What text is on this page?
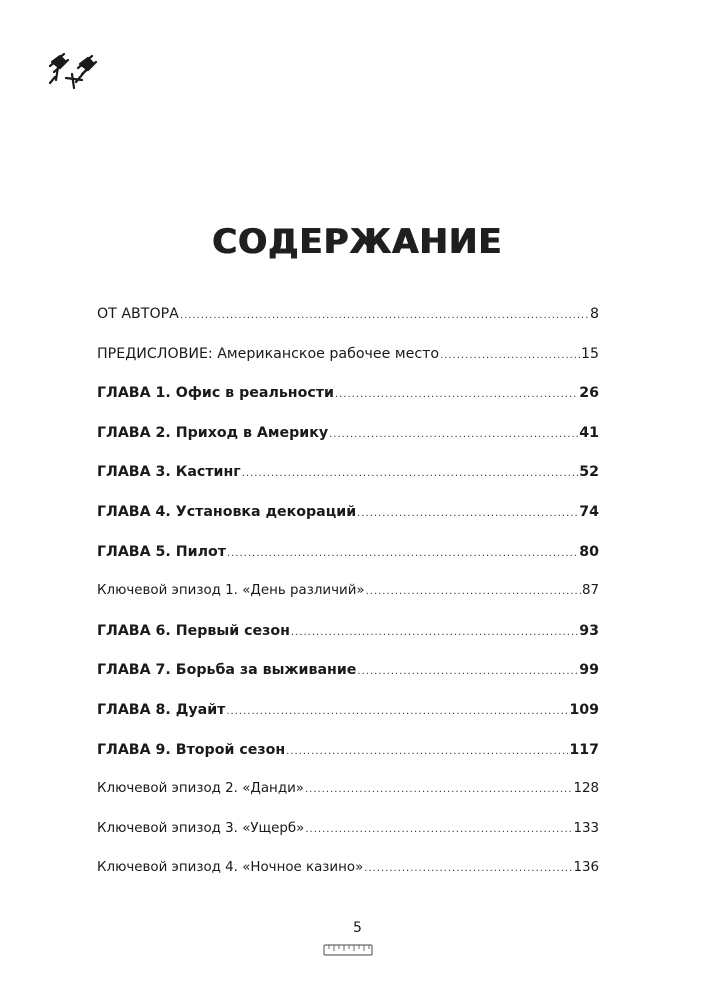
СОДЕРЖАНИЕ
ОТ АВТОРА .....	8
ПРЕДИСЛОВИЕ: Американское рабочее место .....	15
ГЛАВА 1. Офис в реальности .....	26
ГЛАВА 2. Приход в Америку .....	41
ГЛАВА 3. Кастинг .....	52
ГЛАВА 4. Установка декораций .....	74
ГЛАВА 5. Пилот .....	80
Ключевой эпизод 1. «День различий» .....	87
ГЛАВА 6. Первый сезон .....	93
ГЛАВА 7. Борьба за выживание .....	99
ГЛАВА 8. Дуайт .....	109
ГЛАВА 9. Второй сезон .....	117
Ключевой эпизод 2. «Данди» .....	128
Ключевой эпизод 3. «Ущерб» .....	133
Ключевой эпизод 4. «Ночное казино» .....	136
5
